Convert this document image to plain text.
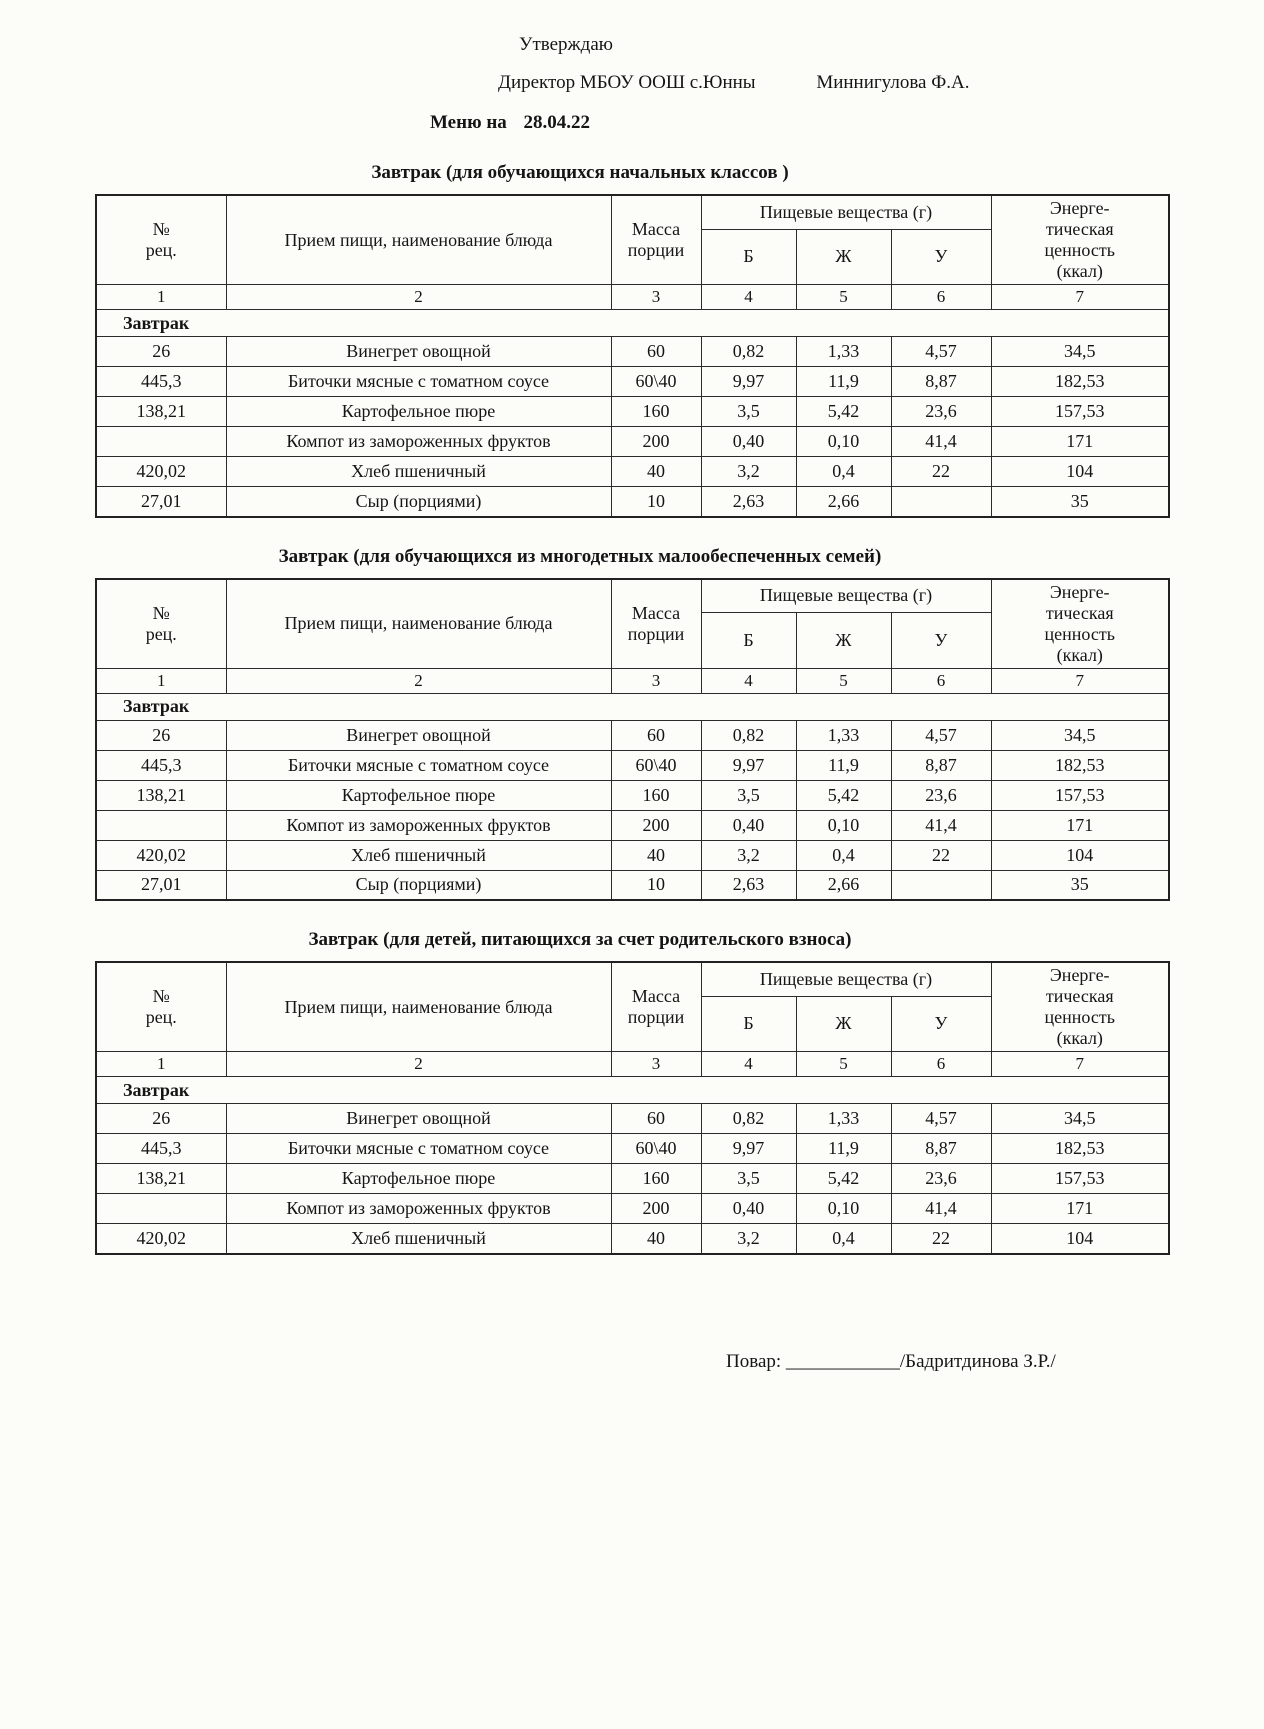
Утверждаю
Директор МБОУ ООШ с.Юнны	Миннигулова Ф.А.
Меню на 28.04.22
Завтрак (для обучающихся начальных классов )
№ рец.	Прием пищи, наименование блюда	Масса порции	Пищевые вещества (г)			Энерге-тическая ценность (ккал)
			Б	Ж	У	
1	2	3	4	5	6	7
Завтрак						
26	Винегрет овощной	60	0,82	1,33	4,57	34,5
445,3	Биточки мясные с томатном соусе	60\40	9,97	11,9	8,87	182,53
138,21	Картофельное пюре	160	3,5	5,42	23,6	157,53
	Компот из замороженных фруктов	200	0,40	0,10	41,4	171
420,02	Хлеб пшеничный	40	3,2	0,4	22	104
27,01	Сыр (порциями)	10	2,63	2,66		35
Завтрак (для обучающихся из многодетных малообеспеченных семей)
№ рец.	Прием пищи, наименование блюда	Масса порции	Пищевые вещества (г)			Энерге-тическая ценность (ккал)
			Б	Ж	У	
1	2	3	4	5	6	7
Завтрак						
26	Винегрет овощной	60	0,82	1,33	4,57	34,5
445,3	Биточки мясные с томатном соусе	60\40	9,97	11,9	8,87	182,53
138,21	Картофельное пюре	160	3,5	5,42	23,6	157,53
	Компот из замороженных фруктов	200	0,40	0,10	41,4	171
420,02	Хлеб пшеничный	40	3,2	0,4	22	104
27,01	Сыр (порциями)	10	2,63	2,66		35
Завтрак (для детей, питающихся за счет родительского взноса)
№ рец.	Прием пищи, наименование блюда	Масса порции	Пищевые вещества (г)			Энерге-тическая ценность (ккал)
			Б	Ж	У	
1	2	3	4	5	6	7
Завтрак						
26	Винегрет овощной	60	0,82	1,33	4,57	34,5
445,3	Биточки мясные с томатном соусе	60\40	9,97	11,9	8,87	182,53
138,21	Картофельное пюре	160	3,5	5,42	23,6	157,53
	Компот из замороженных фруктов	200	0,40	0,10	41,4	171
420,02	Хлеб пшеничный	40	3,2	0,4	22	104
Повар: ____________/Бадритдинова З.Р./
